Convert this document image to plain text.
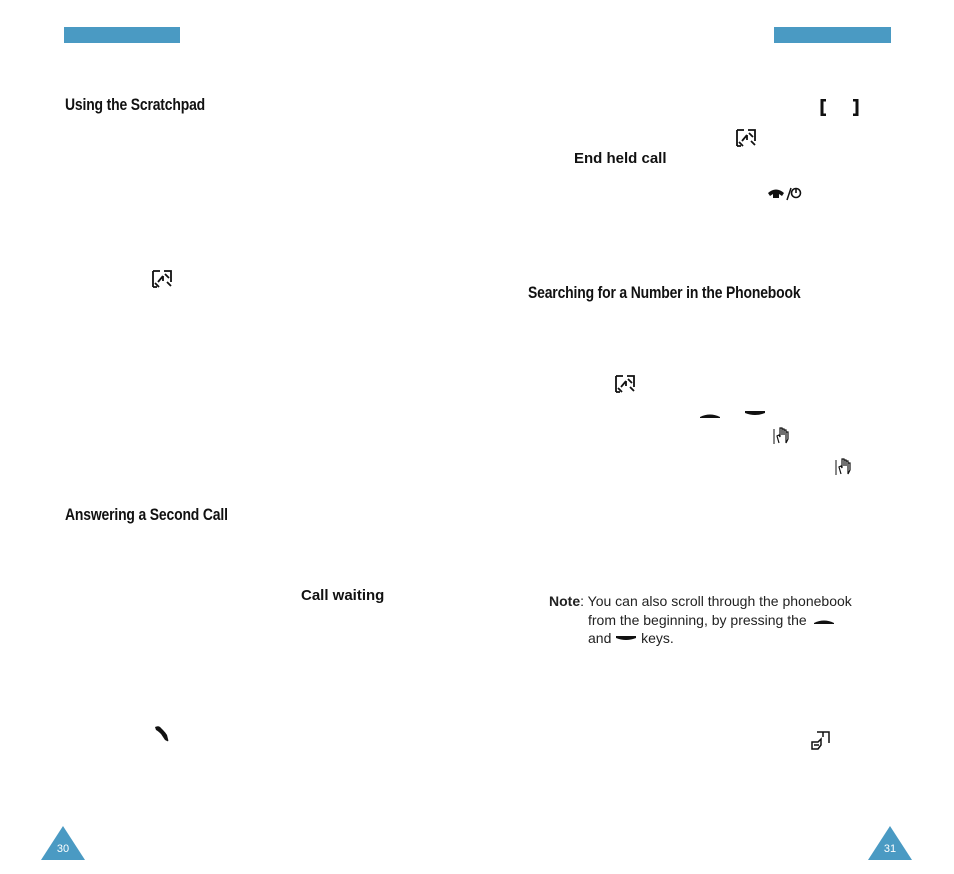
Using the Scratchpad
Answering a Second Call
Call waiting
30
End held call
Searching for a Number in the Phonebook
Note: You can also scroll through the phonebook
from the beginning, by pressing the
and keys.
31
